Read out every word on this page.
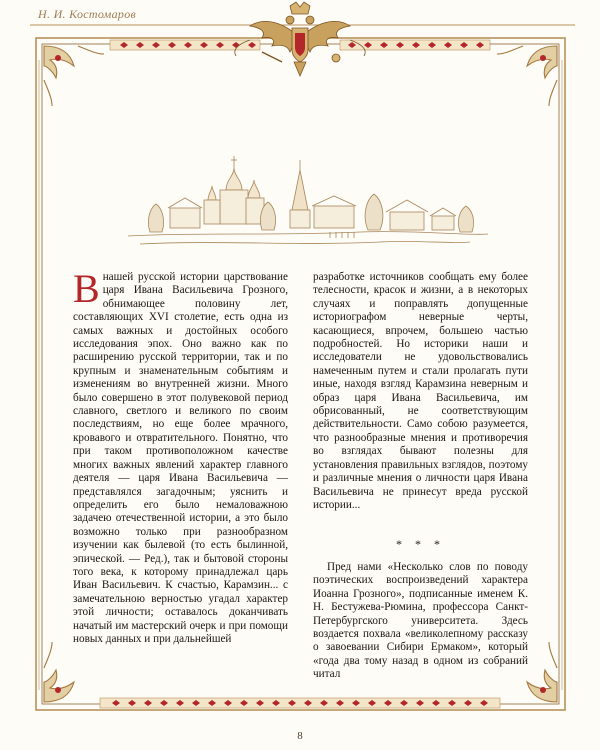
Н. И. Костомаров

В нашей русской истории царствование царя Ивана Васильевича Грозного, обнимающее половину лет, составляющих XVI столетие, есть одна из самых важных и достойных особого исследования эпох. Оно важно как по расширению русской территории, так и по крупным и знаменательным событиям и изменениям во внутренней жизни. Много было совершено в этот полувековой период славного, светлого и великого по своим последствиям, но еще более мрачного, кровавого и отвратительного. Понятно, что при таком противоположном качестве многих важных явлений характер главного деятеля — царя Ивана Васильевича — представлялся загадочным; уяснить и определить его было немаловажною задачею отечественной истории, а это было возможно только при разнообразном изучении как былевой (то есть былинной, эпической. — Ред.), так и бытовой стороны того века, к которому принадлежал царь Иван Васильевич. К счастью, Карамзин... с замечательною верностью угадал характер этой личности; оставалось доканчивать начатый им мастерский очерк и при помощи новых данных и при дальнейшей

разработке источников сообщать ему более телесности, красок и жизни, а в некоторых случаях и поправлять допущенные историографом неверные черты, касающиеся, впрочем, большею частью подробностей. Но историки наши и исследователи не удовольствовались намеченным путем и стали пролагать пути иные, находя взгляд Карамзина неверным и образ царя Ивана Васильевича, им обрисованный, не соответствующим действительности. Само собою разумеется, что разнообразные мнения и противоречия во взглядах бывают полезны для установления правильных взглядов, поэтому и различные мнения о личности царя Ивана Васильевича не принесут вреда русской истории...

* * *

Пред нами «Несколько слов по поводу поэтических воспроизведений характера Иоанна Грозного», подписанные именем К. Н. Бестужева-Рюмина, профессора Санкт-Петербургского университета. Здесь воздается похвала «великолепному рассказу о завоевании Сибири Ермаком», который «года два тому назад в одном из собраний читал

8
